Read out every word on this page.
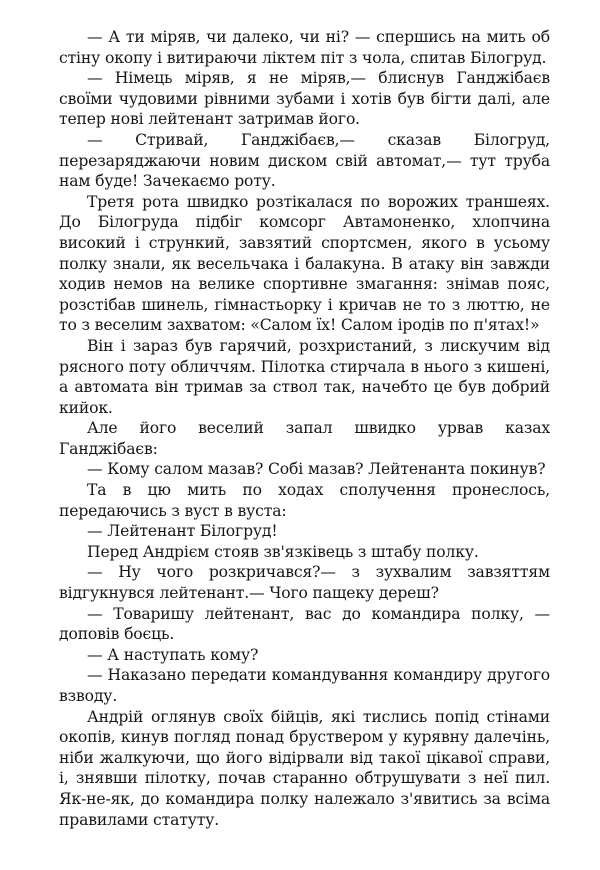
— А ти міряв, чи далеко, чи ні? — спершись на мить об стіну окопу і витираючи ліктем піт з чола, спитав Білогруд.

— Німець міряв, я не міряв,— блиснув Ганджібаєв своїми чудовими рівними зубами і хотів був бігти далі, але тепер нові лейтенант затримав його.

— Стривай, Ганджібаєв,— сказав Білогруд, перезаряджаючи новим диском свій автомат,— тут труба нам буде! Зачекаємо роту.

Третя рота швидко розтікалася по ворожих траншеях. До Білогруда підбіг комсорг Автамоненко, хлопчина високий і стрункий, завзятий спортсмен, якого в усьому полку знали, як весельчака і балакуна. В атаку він завжди ходив немов на велике спортивне змагання: знімав пояс, розстібав шинель, гімнастьорку і кричав не то з люттю, не то з веселим захватом: «Салом їх! Салом іродів по п'ятах!»

Він і зараз був гарячий, розхристаний, з лискучим від рясного поту обличчям. Пілотка стирчала в нього з кишені, а автомата він тримав за ствол так, начебто це був добрий кийок.

Але його веселий запал швидко урвав казах Ганджібаєв:

— Кому салом мазав? Собі мазав? Лейтенанта покинув?

Та в цю мить по ходах сполучення пронеслось, передаючись з вуст в вуста:

— Лейтенант Білогруд!

Перед Андрієм стояв зв'язківець з штабу полку.

— Ну чого розкричався?— з зухвалим завзяттям відгукнувся лейтенант.— Чого пащеку дереш?

— Товаришу лейтенант, вас до командира полку, — доповів боєць.

— А наступать кому?

— Наказано передати командування командиру другого взводу.

Андрій оглянув своїх бійців, які тислись попід стінами окопів, кинув погляд понад бруствером у курявну далечінь, ніби жалкуючи, що його відірвали від такої цікавої справи, і, знявши пілотку, почав старанно обтрушувати з неї пил. Як-не-як, до командира полку належало з'явитись за всіма правилами статуту.
